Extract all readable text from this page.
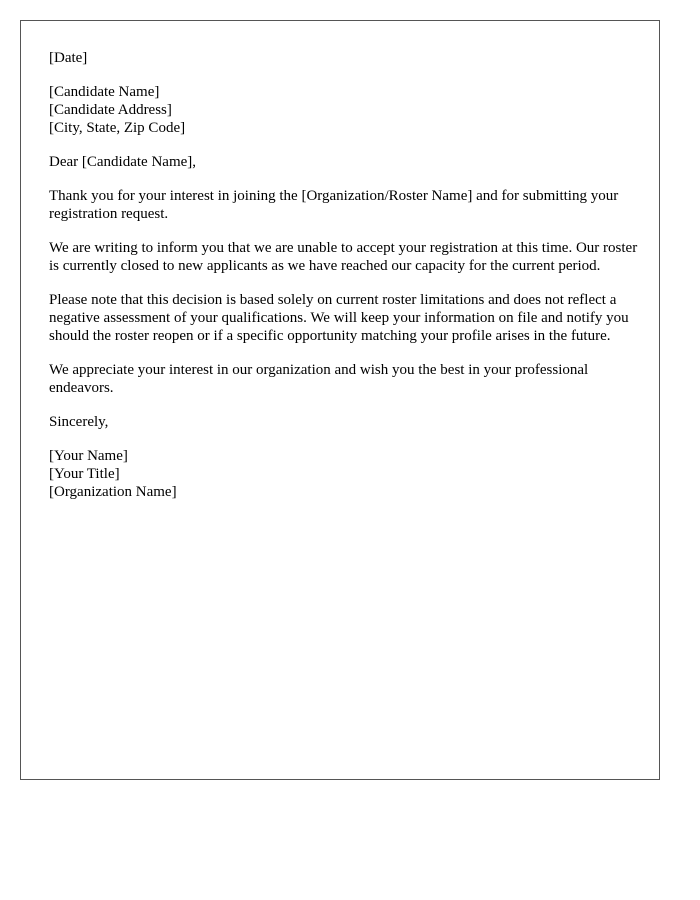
[Date]
[Candidate Name]
[Candidate Address]
[City, State, Zip Code]
Dear [Candidate Name],
Thank you for your interest in joining the [Organization/Roster Name] and for submitting your registration request.
We are writing to inform you that we are unable to accept your registration at this time. Our roster is currently closed to new applicants as we have reached our capacity for the current period.
Please note that this decision is based solely on current roster limitations and does not reflect a negative assessment of your qualifications. We will keep your information on file and notify you should the roster reopen or if a specific opportunity matching your profile arises in the future.
We appreciate your interest in our organization and wish you the best in your professional endeavors.
Sincerely,
[Your Name]
[Your Title]
[Organization Name]
